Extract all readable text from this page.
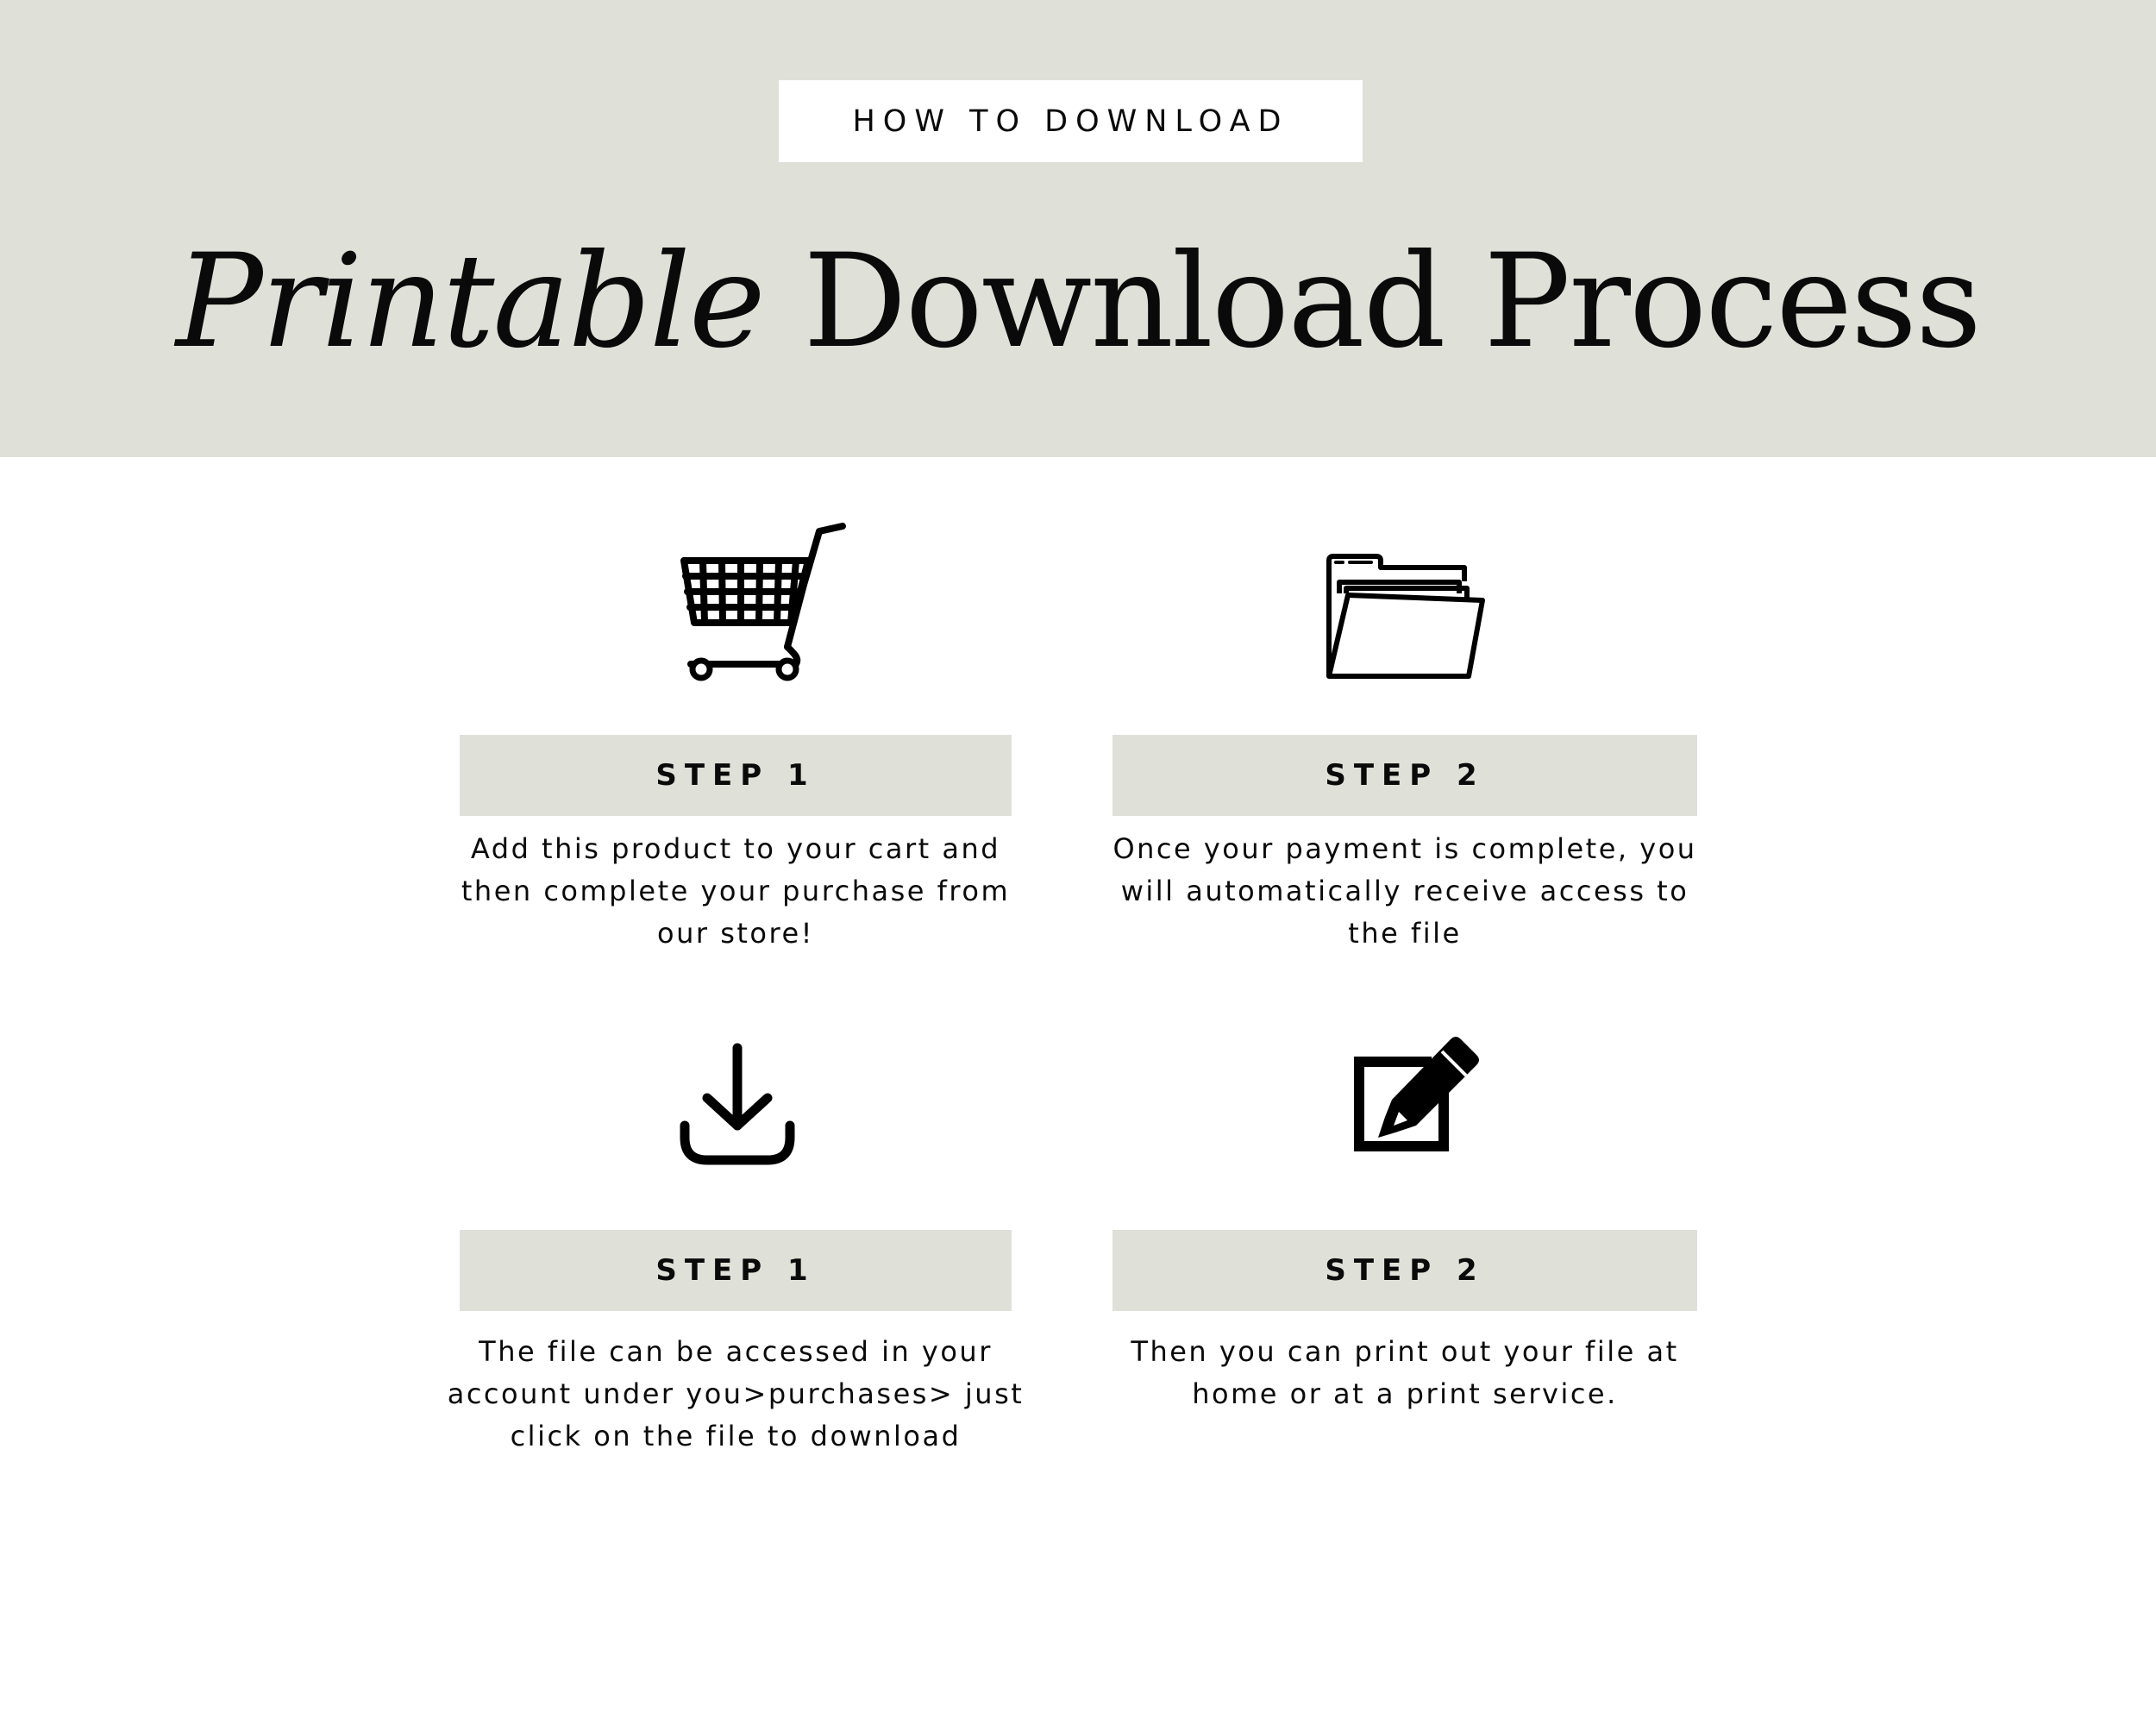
HOW TO DOWNLOAD
Printable Download Process
STEP 1
Add this product to your cart and
then complete your purchase from
our store!
STEP 2
Once your payment is complete, you
will automatically receive access to
the file
STEP 1
The file can be accessed in your
account under you>purchases> just
click on the file to download
STEP 2
Then you can print out your file at
home or at a print service.
